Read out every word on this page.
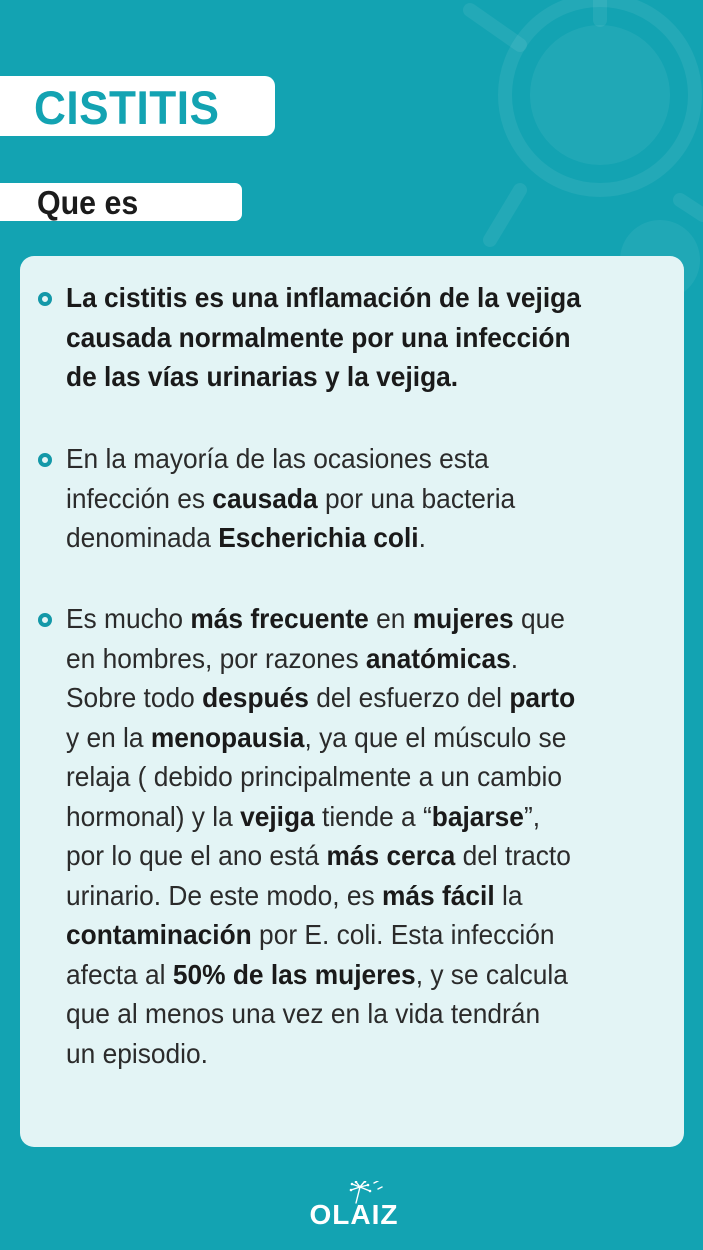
CISTITIS
Que es
La cistitis es una inflamación de la vejiga
causada normalmente por una infección
de las vías urinarias y la vejiga.
En la mayoría de las ocasiones esta
infección es causada por una bacteria
denominada Escherichia coli.
Es mucho más frecuente en mujeres que
en hombres, por razones anatómicas.
Sobre todo después del esfuerzo del parto
y en la menopausia, ya que el músculo se
relaja ( debido principalmente a un cambio
hormonal) y la vejiga tiende a “bajarse”,
por lo que el ano está más cerca del tracto
urinario. De este modo, es más fácil la
contaminación por E. coli. Esta infección
afecta al 50% de las mujeres, y se calcula
que al menos una vez en la vida tendrán
un episodio.
OLAIZ
